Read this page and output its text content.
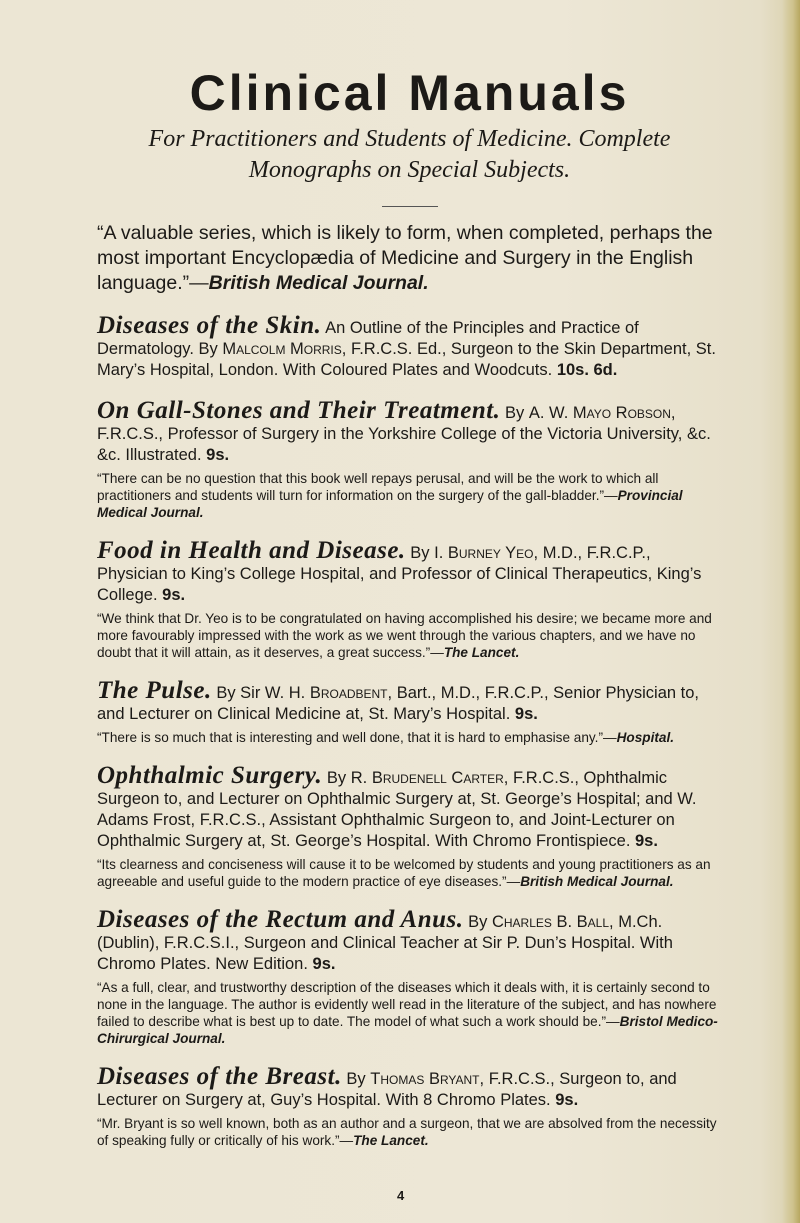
Clinical Manuals

For Practitioners and Students of Medicine. Complete
Monographs on Special Subjects.

“A valuable series, which is likely to form, when completed, perhaps the most important Encyclopædia of Medicine and Surgery in the English language.”—British Medical Journal.

Diseases of the Skin. An Outline of the Principles and Practice of Dermatology. By Malcolm Morris, F.R.C.S. Ed., Surgeon to the Skin Department, St. Mary’s Hospital, London. With Coloured Plates and Woodcuts. 10s. 6d.

On Gall-Stones and Their Treatment. By A. W. Mayo Robson, F.R.C.S., Professor of Surgery in the Yorkshire College of the Victoria University, &c. &c. Illustrated. 9s.

“There can be no question that this book well repays perusal, and will be the work to which all practitioners and students will turn for information on the surgery of the gall-bladder.”—Provincial Medical Journal.

Food in Health and Disease. By I. Burney Yeo, M.D., F.R.C.P., Physician to King’s College Hospital, and Professor of Clinical Therapeutics, King’s College. 9s.

“We think that Dr. Yeo is to be congratulated on having accomplished his desire; we became more and more favourably impressed with the work as we went through the various chapters, and we have no doubt that it will attain, as it deserves, a great success.”—The Lancet.

The Pulse. By Sir W. H. Broadbent, Bart., M.D., F.R.C.P., Senior Physician to, and Lecturer on Clinical Medicine at, St. Mary’s Hospital. 9s.

“There is so much that is interesting and well done, that it is hard to emphasise any.”—Hospital.

Ophthalmic Surgery. By R. Brudenell Carter, F.R.C.S., Ophthalmic Surgeon to, and Lecturer on Ophthalmic Surgery at, St. George’s Hospital; and W. Adams Frost, F.R.C.S., Assistant Ophthalmic Surgeon to, and Joint-Lecturer on Ophthalmic Surgery at, St. George’s Hospital. With Chromo Frontispiece. 9s.

“Its clearness and conciseness will cause it to be welcomed by students and young practitioners as an agreeable and useful guide to the modern practice of eye diseases.”—British Medical Journal.

Diseases of the Rectum and Anus. By Charles B. Ball, M.Ch. (Dublin), F.R.C.S.I., Surgeon and Clinical Teacher at Sir P. Dun’s Hospital. With Chromo Plates. New Edition. 9s.

“As a full, clear, and trustworthy description of the diseases which it deals with, it is certainly second to none in the language. The author is evidently well read in the literature of the subject, and has nowhere failed to describe what is best up to date. The model of what such a work should be.”—Bristol Medico-Chirurgical Journal.

Diseases of the Breast. By Thomas Bryant, F.R.C.S., Surgeon to, and Lecturer on Surgery at, Guy’s Hospital. With 8 Chromo Plates. 9s.

“Mr. Bryant is so well known, both as an author and a surgeon, that we are absolved from the necessity of speaking fully or critically of his work.”—The Lancet.

4
